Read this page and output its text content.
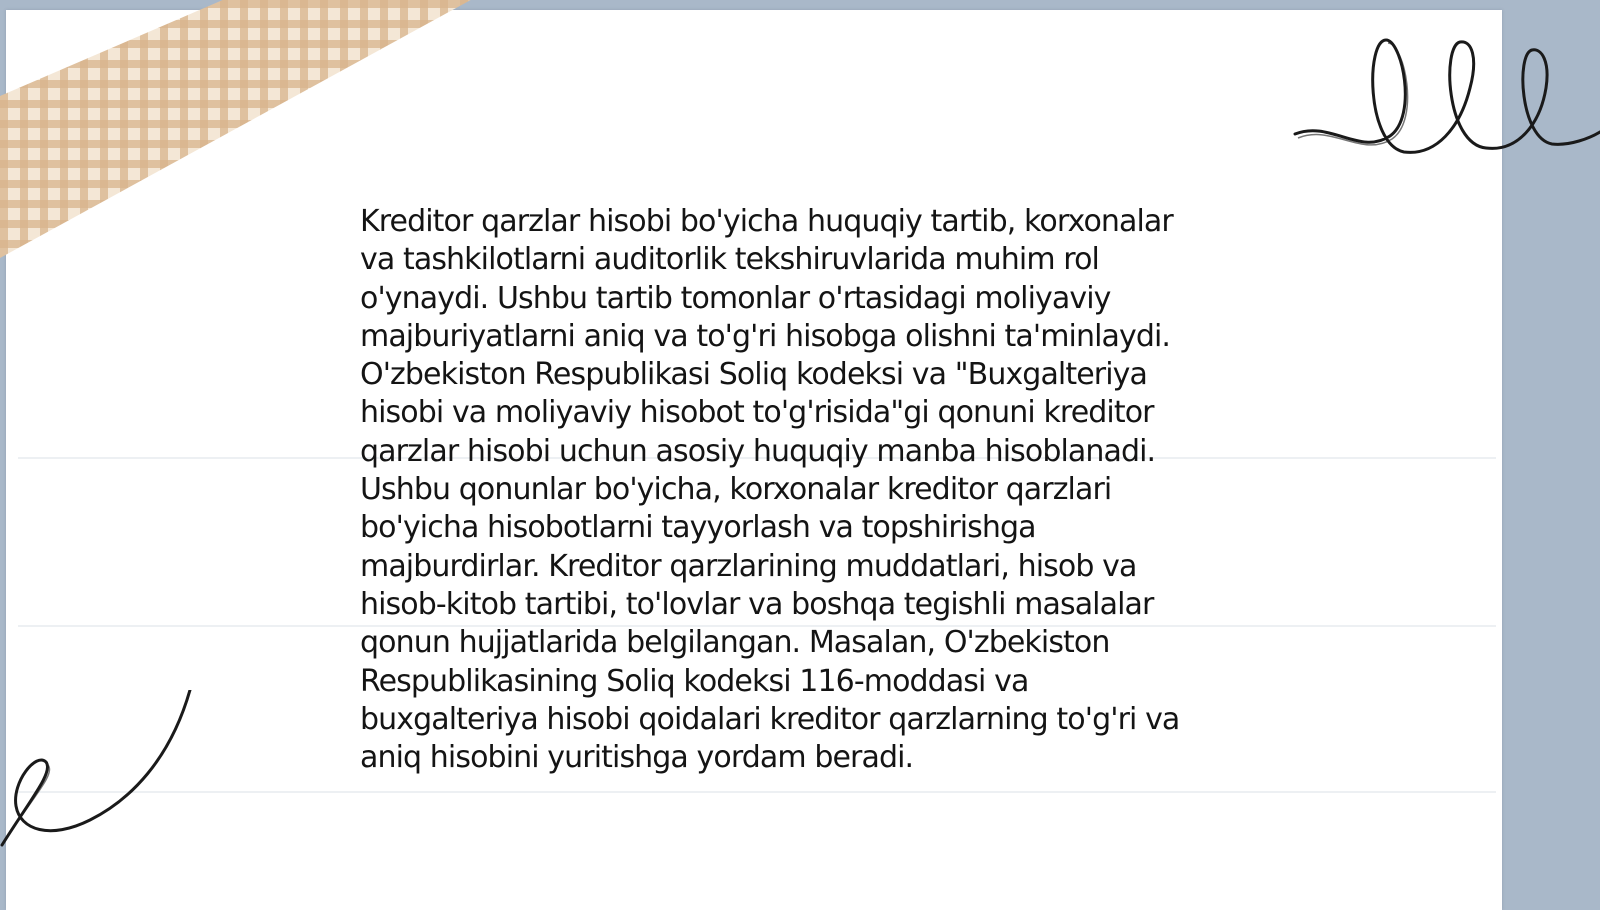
Kreditor qarzlar hisobi bo'yicha huquqiy tartib, korxonalar
va tashkilotlarni auditorlik tekshiruvlarida muhim rol
o'ynaydi. Ushbu tartib tomonlar o'rtasidagi moliyaviy
majburiyatlarni aniq va to'g'ri hisobga olishni ta'minlaydi.
O'zbekiston Respublikasi Soliq kodeksi va "Buxgalteriya
hisobi va moliyaviy hisobot to'g'risida"gi qonuni kreditor
qarzlar hisobi uchun asosiy huquqiy manba hisoblanadi.
Ushbu qonunlar bo'yicha, korxonalar kreditor qarzlari
bo'yicha hisobotlarni tayyorlash va topshirishga
majburdirlar. Kreditor qarzlarining muddatlari, hisob va
hisob-kitob tartibi, to'lovlar va boshqa tegishli masalalar
qonun hujjatlarida belgilangan. Masalan, O'zbekiston
Respublikasining Soliq kodeksi 116-moddasi va
buxgalteriya hisobi qoidalari kreditor qarzlarning to'g'ri va
aniq hisobini yuritishga yordam beradi.
